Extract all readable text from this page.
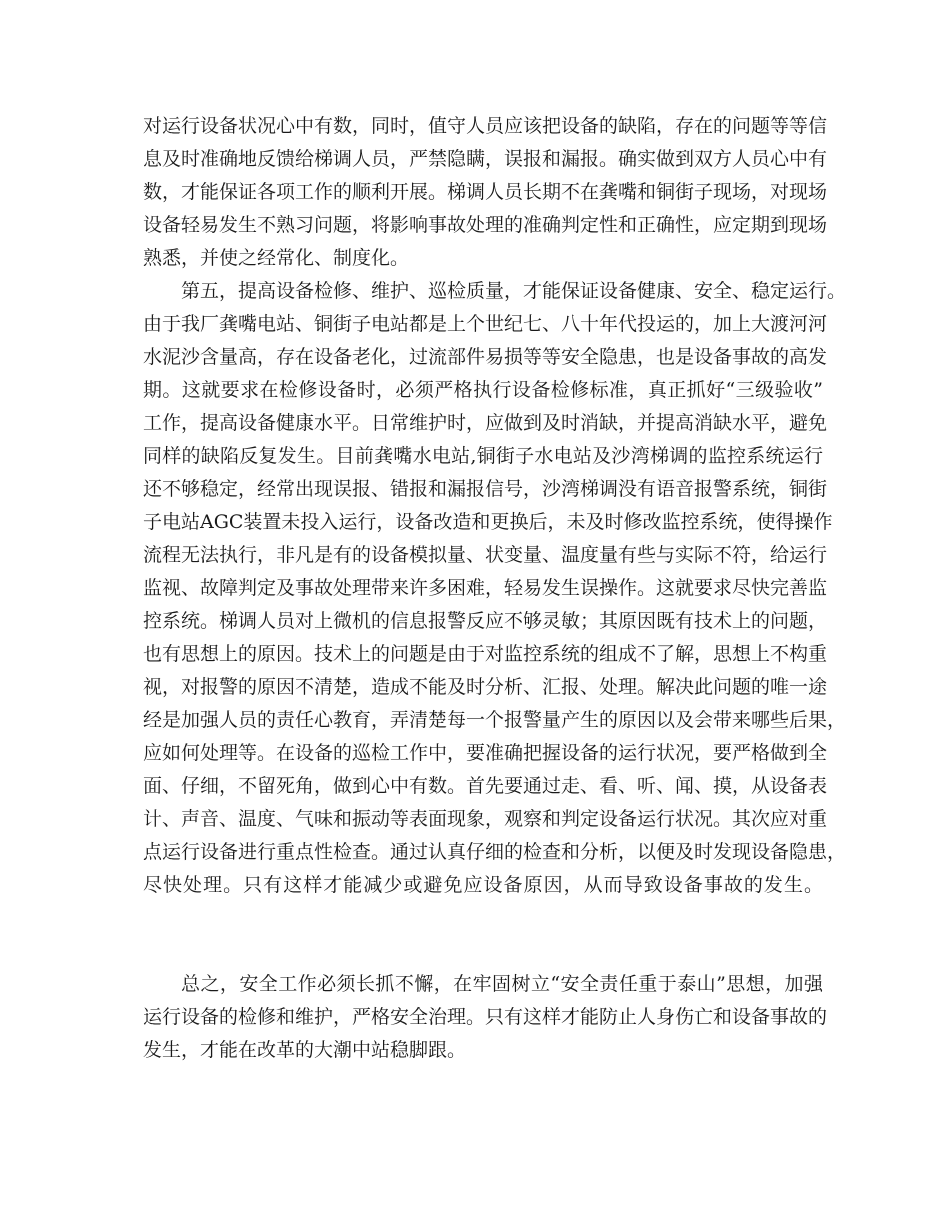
对运行设备状况心中有数，同时，值守人员应该把设备的缺陷，存在的问题等等信
息及时准确地反馈给梯调人员，严禁隐瞒，误报和漏报。确实做到双方人员心中有
数，才能保证各项工作的顺利开展。梯调人员长期不在龚嘴和铜街子现场，对现场
设备轻易发生不熟习问题，将影响事故处理的准确判定性和正确性，应定期到现场
熟悉，并使之经常化、制度化。
第五，提高设备检修、维护、巡检质量，才能保证设备健康、安全、稳定运行。
由于我厂龚嘴电站、铜街子电站都是上个世纪七、八十年代投运的，加上大渡河河
水泥沙含量高，存在设备老化，过流部件易损等等安全隐患，也是设备事故的高发
期。这就要求在检修设备时，必须严格执行设备检修标准，真正抓好“三级验收”
工作，提高设备健康水平。日常维护时，应做到及时消缺，并提高消缺水平，避免
同样的缺陷反复发生。目前龚嘴水电站,铜街子水电站及沙湾梯调的监控系统运行
还不够稳定，经常出现误报、错报和漏报信号，沙湾梯调没有语音报警系统，铜街
子电站AGC装置未投入运行，设备改造和更换后，未及时修改监控系统，使得操作
流程无法执行，非凡是有的设备模拟量、状变量、温度量有些与实际不符，给运行
监视、故障判定及事故处理带来许多困难，轻易发生误操作。这就要求尽快完善监
控系统。梯调人员对上微机的信息报警反应不够灵敏；其原因既有技术上的问题，
也有思想上的原因。技术上的问题是由于对监控系统的组成不了解，思想上不构重
视，对报警的原因不清楚，造成不能及时分析、汇报、处理。解决此问题的唯一途
经是加强人员的责任心教育，弄清楚每一个报警量产生的原因以及会带来哪些后果，
应如何处理等。在设备的巡检工作中，要准确把握设备的运行状况，要严格做到全
面、仔细，不留死角，做到心中有数。首先要通过走、看、听、闻、摸，从设备表
计、声音、温度、气味和振动等表面现象，观察和判定设备运行状况。其次应对重
点运行设备进行重点性检查。通过认真仔细的检查和分析，以便及时发现设备隐患，
尽快处理。只有这样才能减少或避免应设备原因，从而导致设备事故的发生。
总之，安全工作必须长抓不懈，在牢固树立“安全责任重于泰山”思想，加强
运行设备的检修和维护，严格安全治理。只有这样才能防止人身伤亡和设备事故的
发生，才能在改革的大潮中站稳脚跟。
